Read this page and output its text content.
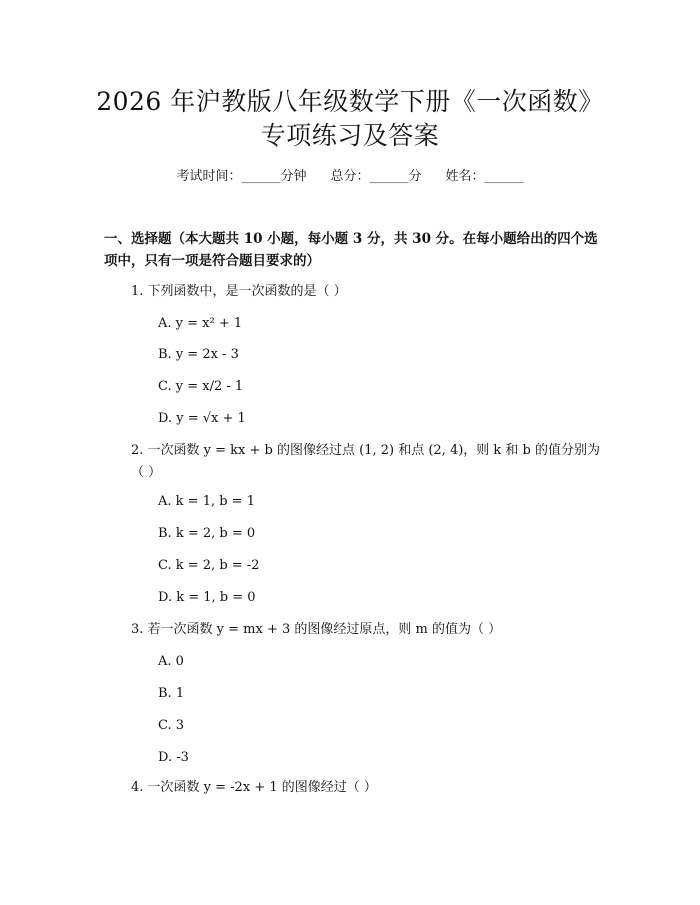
2026 年沪教版八年级数学下册《一次函数》
专项练习及答案
考试时间：______分钟 总分：______分 姓名：______
一、选择题（本大题共 10 小题，每小题 3 分，共 30 分。在每小题给出的四个选项中，只有一项是符合题目要求的）
1. 下列函数中，是一次函数的是（ ）
A. y = x² + 1
B. y = 2x - 3
C. y = x/2 - 1
D. y = √x + 1
2. 一次函数 y = kx + b 的图像经过点 (1, 2) 和点 (2, 4)，则 k 和 b 的值分别为（ ）
A. k = 1, b = 1
B. k = 2, b = 0
C. k = 2, b = -2
D. k = 1, b = 0
3. 若一次函数 y = mx + 3 的图像经过原点，则 m 的值为（ ）
A. 0
B. 1
C. 3
D. -3
4. 一次函数 y = -2x + 1 的图像经过（ ）
